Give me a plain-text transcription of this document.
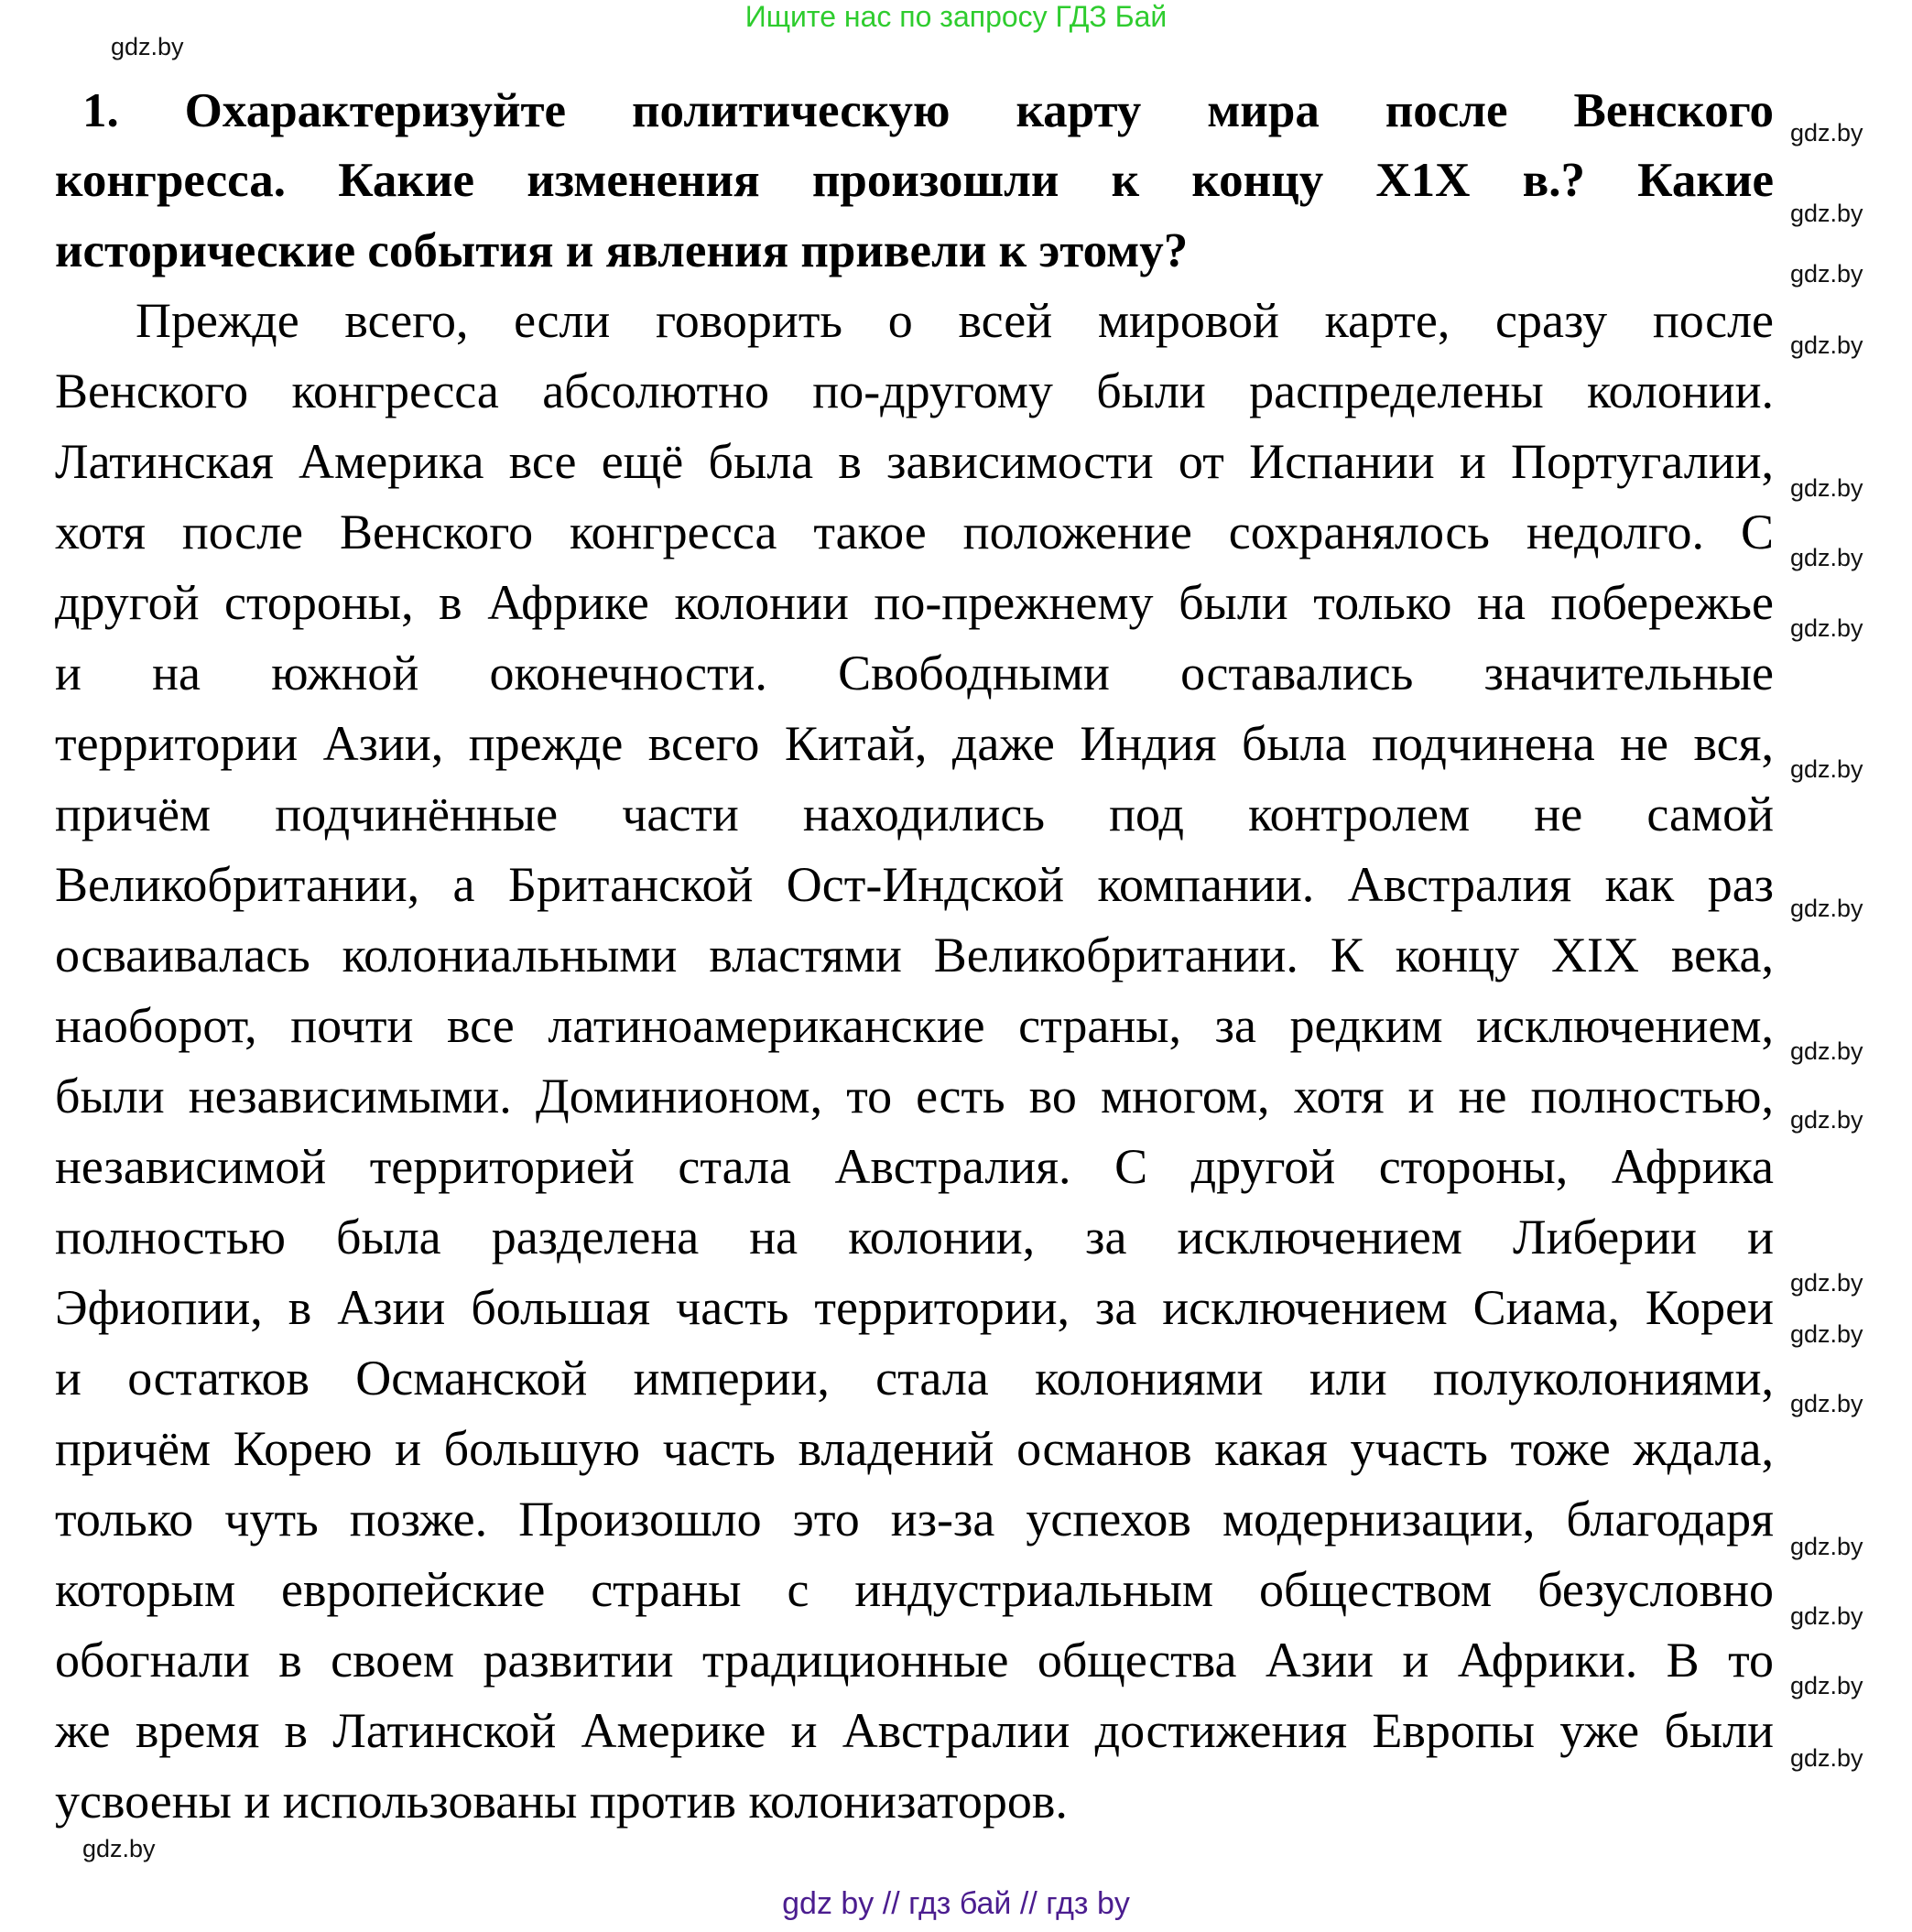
Ищите нас по запросу ГДЗ Бай
1. Охарактеризуйте политическую карту мира после Венского
конгресса. Какие изменения произошли к концу X1X в.? Какие
исторические события и явления привели к этому?
Прежде всего, если говорить о всей мировой карте, сразу после
Венского конгресса абсолютно по-другому были распределены колонии.
Латинская Америка все ещё была в зависимости от Испании и Португалии,
хотя после Венского конгресса такое положение сохранялось недолго. С
другой стороны, в Африке колонии по-прежнему были только на побережье
и на южной оконечности. Свободными оставались значительные
территории Азии, прежде всего Китай, даже Индия была подчинена не вся,
причём подчинённые части находились под контролем не самой
Великобритании, а Британской Ост-Индской компании. Австралия как раз
осваивалась колониальными властями Великобритании. К концу XIX века,
наоборот, почти все латиноамериканские страны, за редким исключением,
были независимыми. Доминионом, то есть во многом, хотя и не полностью,
независимой территорией стала Австралия. С другой стороны, Африка
полностью была разделена на колонии, за исключением Либерии и
Эфиопии, в Азии большая часть территории, за исключением Сиама, Кореи
и остатков Османской империи, стала колониями или полуколониями,
причём Корею и большую часть владений османов какая участь тоже ждала,
только чуть позже. Произошло это из-за успехов модернизации, благодаря
которым европейские страны с индустриальным обществом безусловно
обогнали в своем развитии традиционные общества Азии и Африки. В то
же время в Латинской Америке и Австралии достижения Европы уже были
усвоены и использованы против колонизаторов.
gdz.by
gdz.by
gdz.by
gdz.by
gdz.by
gdz.by
gdz.by
gdz.by
gdz.by
gdz.by
gdz.by
gdz.by
gdz.by
gdz.by
gdz.by
gdz.by
gdz.by
gdz.by
gdz.by
gdz.by
gdz by // гдз бай // гдз by
